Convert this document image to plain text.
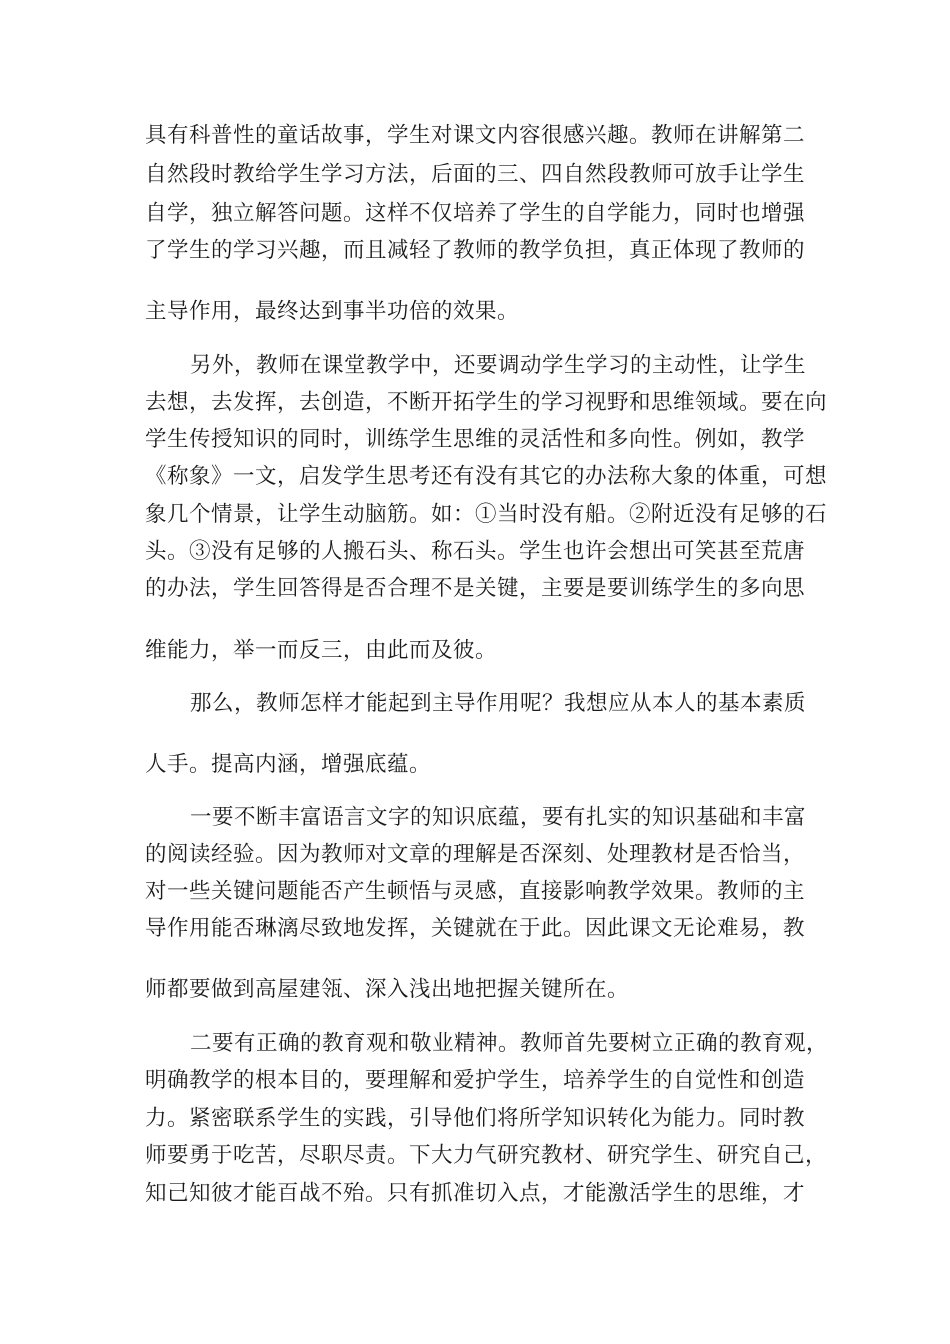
具有科普性的童话故事，学生对课文内容很感兴趣。教师在讲解第二
自然段时教给学生学习方法，后面的三、四自然段教师可放手让学生
自学，独立解答问题。这样不仅培养了学生的自学能力，同时也增强
了学生的学习兴趣，而且减轻了教师的教学负担，真正体现了教师的
主导作用，最终达到事半功倍的效果。
另外，教师在课堂教学中，还要调动学生学习的主动性，让学生
去想，去发挥，去创造，不断开拓学生的学习视野和思维领域。要在向
学生传授知识的同时，训练学生思维的灵活性和多向性。例如，教学
《称象》一文，启发学生思考还有没有其它的办法称大象的体重，可想
象几个情景，让学生动脑筋。如：①当时没有船。②附近没有足够的石
头。③没有足够的人搬石头、称石头。学生也许会想出可笑甚至荒唐
的办法，学生回答得是否合理不是关键，主要是要训练学生的多向思
维能力，举一而反三，由此而及彼。
那么，教师怎样才能起到主导作用呢？我想应从本人的基本素质
人手。提高内涵，增强底蕴。
一要不断丰富语言文字的知识底蕴，要有扎实的知识基础和丰富
的阅读经验。因为教师对文章的理解是否深刻、处理教材是否恰当，
对一些关键问题能否产生顿悟与灵感，直接影响教学效果。教师的主
导作用能否琳漓尽致地发挥，关键就在于此。因此课文无论难易，教
师都要做到高屋建瓴、深入浅出地把握关键所在。
二要有正确的教育观和敬业精神。教师首先要树立正确的教育观，
明确教学的根本目的，要理解和爱护学生，培养学生的自觉性和创造
力。紧密联系学生的实践，引导他们将所学知识转化为能力。同时教
师要勇于吃苦，尽职尽责。下大力气研究教材、研究学生、研究自己，
知己知彼才能百战不殆。只有抓准切入点，才能激活学生的思维，才
